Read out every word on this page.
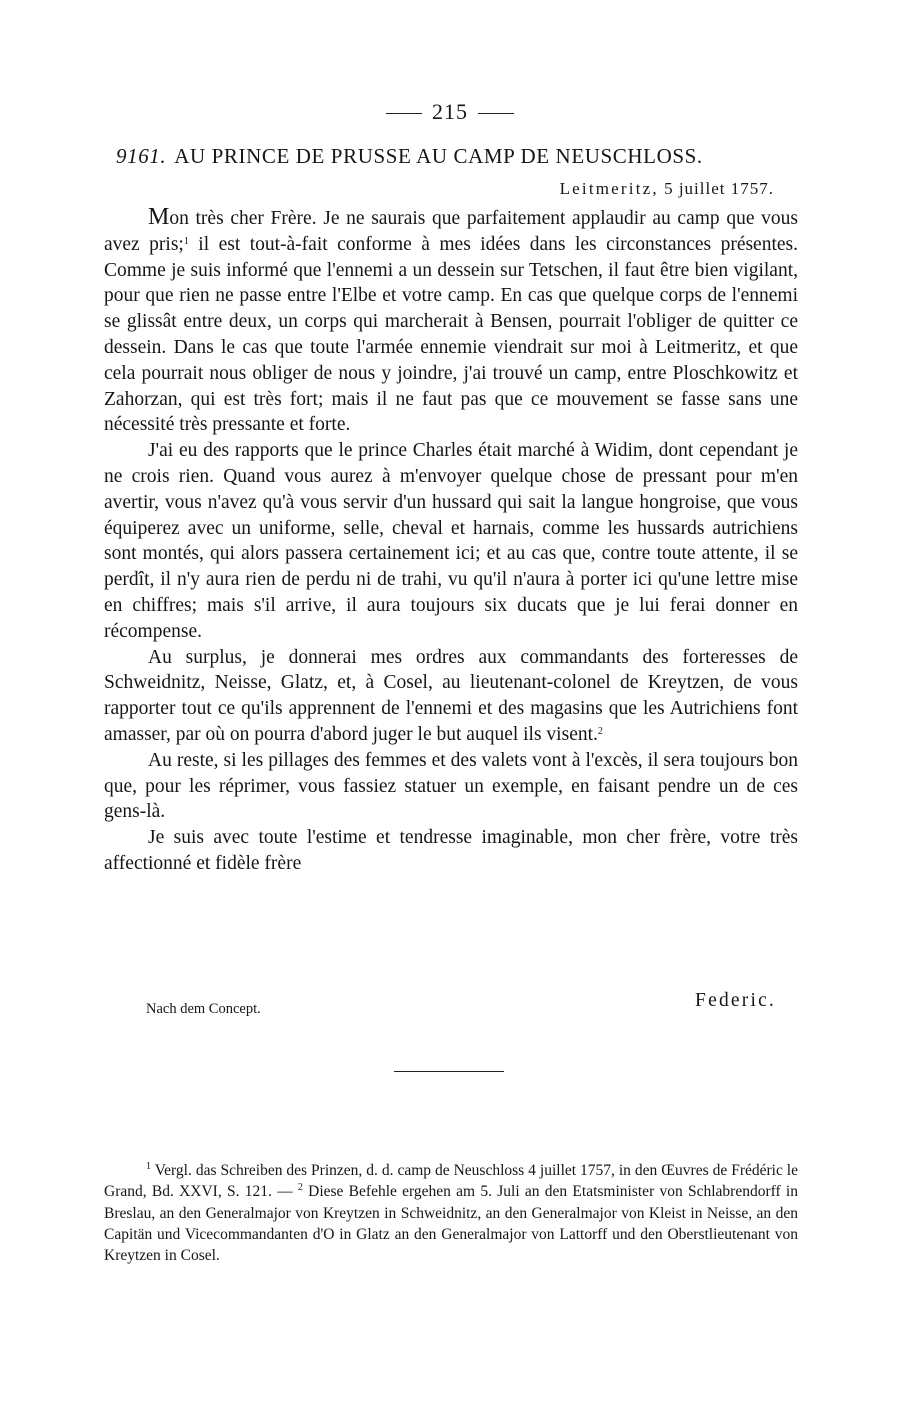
215
9161. AU PRINCE DE PRUSSE AU CAMP DE NEUSCHLOSS.
Leitmeritz, 5 juillet 1757.

Mon très cher Frère. Je ne saurais que parfaitement applaudir au camp que vous avez pris;$^1$ il est tout-à-fait conforme à mes idées dans les circonstances présentes. Comme je suis informé que l'ennemi a un dessein sur Tetschen, il faut être bien vigilant, pour que rien ne passe entre l'Elbe et votre camp. En cas que quelque corps de l'ennemi se glissât entre deux, un corps qui marcherait à Bensen, pourrait l'obliger de quitter ce dessein. Dans le cas que toute l'armée ennemie viendrait sur moi à Leitmeritz, et que cela pourrait nous obliger de nous y joindre, j'ai trouvé un camp, entre Ploschkowitz et Zahorzan, qui est très fort; mais il ne faut pas que ce mouvement se fasse sans une nécessité très pressante et forte.

J'ai eu des rapports que le prince Charles était marché à Widim, dont cependant je ne crois rien. Quand vous aurez à m'envoyer quelque chose de pressant pour m'en avertir, vous n'avez qu'à vous servir d'un hussard qui sait la langue hongroise, que vous équiperez avec un uniforme, selle, cheval et harnais, comme les hussards autrichiens sont montés, qui alors passera certainement ici; et au cas que, contre toute attente, il se perdît, il n'y aura rien de perdu ni de trahi, vu qu'il n'aura à porter ici qu'une lettre mise en chiffres; mais s'il arrive, il aura toujours six ducats que je lui ferai donner en récompense.

Au surplus, je donnerai mes ordres aux commandants des forteresses de Schweidnitz, Neisse, Glatz, et, à Cosel, au lieutenant-colonel de Kreytzen, de vous rapporter tout ce qu'ils apprennent de l'ennemi et des magasins que les Autrichiens font amasser, par où on pourra d'abord juger le but auquel ils visent.$^2$

Au reste, si les pillages des femmes et des valets vont à l'excès, il sera toujours bon que, pour les réprimer, vous fassiez statuer un exemple, en faisant pendre un de ces gens-là.

Je suis avec toute l'estime et tendresse imaginable, mon cher frère, votre très affectionné et fidèle frère

Nach dem Concept.	Federic.

$^1$ Vergl. das Schreiben des Prinzen, d. d. camp de Neuschloss 4 juillet 1757, in den Œuvres de Frédéric le Grand, Bd. XXVI, S. 121. — $^2$ Diese Befehle ergehen am 5. Juli an den Etatsminister von Schlabrendorff in Breslau, an den Generalmajor von Kreytzen in Schweidnitz, an den Generalmajor von Kleist in Neisse, an den Capitän und Vicecommandanten d'O in Glatz an den Generalmajor von Lattorff und den Oberstlieutenant von Kreytzen in Cosel.
